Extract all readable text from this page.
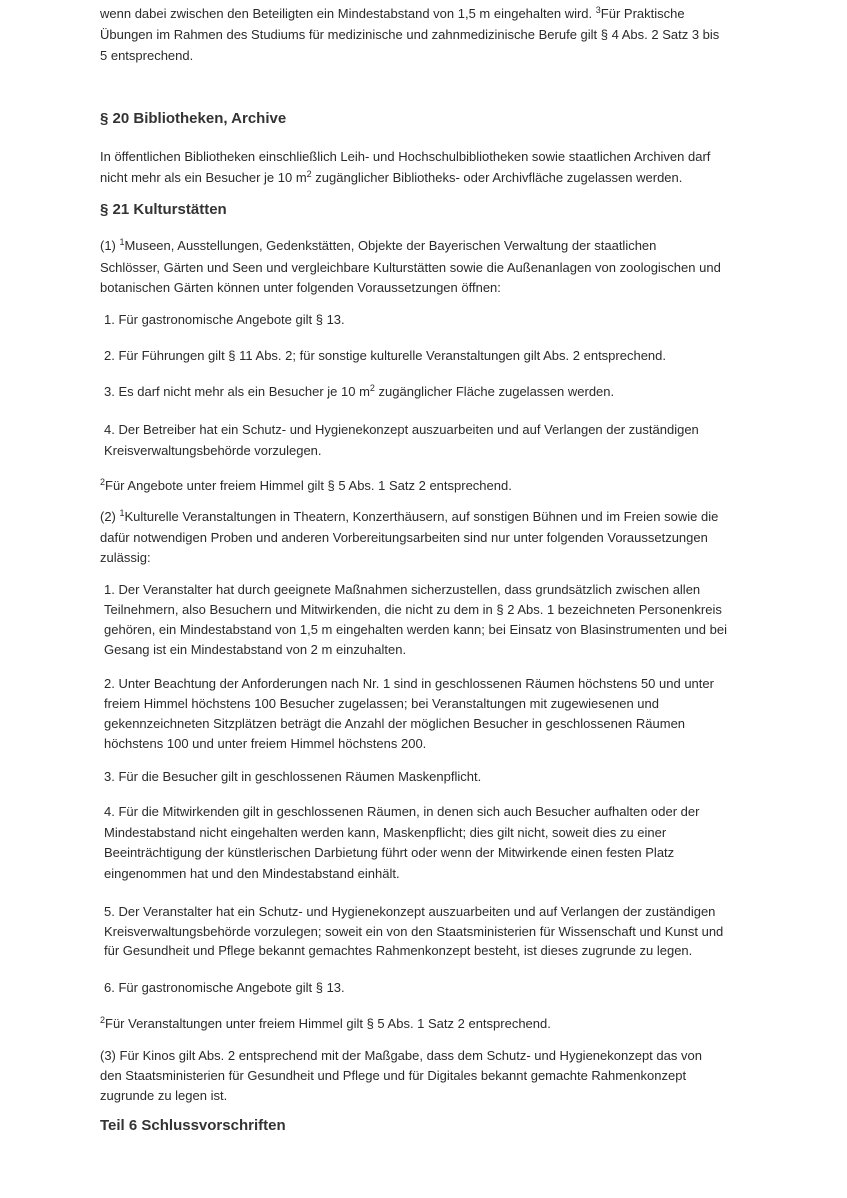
wenn dabei zwischen den Beteiligten ein Mindestabstand von 1,5 m eingehalten wird. $^3$Für Praktische
Übungen im Rahmen des Studiums für medizinische und zahnmedizinische Berufe gilt § 4 Abs. 2 Satz 3 bis
5 entsprechend.
§ 20 Bibliotheken, Archive
In öffentlichen Bibliotheken einschließlich Leih- und Hochschulbibliotheken sowie staatlichen Archiven darf
nicht mehr als ein Besucher je 10 $m^2$ zugänglicher Bibliotheks- oder Archivfläche zugelassen werden.
§ 21 Kulturstätten
(1) $^1$Museen, Ausstellungen, Gedenkstätten, Objekte der Bayerischen Verwaltung der staatlichen
Schlösser, Gärten und Seen und vergleichbare Kulturstätten sowie die Außenanlagen von zoologischen und
botanischen Gärten können unter folgenden Voraussetzungen öffnen:
1. Für gastronomische Angebote gilt § 13.
2. Für Führungen gilt § 11 Abs. 2; für sonstige kulturelle Veranstaltungen gilt Abs. 2 entsprechend.
3. Es darf nicht mehr als ein Besucher je 10 $m^2$ zugänglicher Fläche zugelassen werden.
4. Der Betreiber hat ein Schutz- und Hygienekonzept auszuarbeiten und auf Verlangen der zuständigen
Kreisverwaltungsbehörde vorzulegen.
$^2$Für Angebote unter freiem Himmel gilt § 5 Abs. 1 Satz 2 entsprechend.
(2) $^1$Kulturelle Veranstaltungen in Theatern, Konzerthäusern, auf sonstigen Bühnen und im Freien sowie die
dafür notwendigen Proben und anderen Vorbereitungsarbeiten sind nur unter folgenden Voraussetzungen
zulässig:
1. Der Veranstalter hat durch geeignete Maßnahmen sicherzustellen, dass grundsätzlich zwischen allen
Teilnehmern, also Besuchern und Mitwirkenden, die nicht zu dem in § 2 Abs. 1 bezeichneten Personenkreis
gehören, ein Mindestabstand von 1,5 m eingehalten werden kann; bei Einsatz von Blasinstrumenten und bei
Gesang ist ein Mindestabstand von 2 m einzuhalten.
2. Unter Beachtung der Anforderungen nach Nr. 1 sind in geschlossenen Räumen höchstens 50 und unter
freiem Himmel höchstens 100 Besucher zugelassen; bei Veranstaltungen mit zugewiesenen und
gekennzeichneten Sitzplätzen beträgt die Anzahl der möglichen Besucher in geschlossenen Räumen
höchstens 100 und unter freiem Himmel höchstens 200.
3. Für die Besucher gilt in geschlossenen Räumen Maskenpflicht.
4. Für die Mitwirkenden gilt in geschlossenen Räumen, in denen sich auch Besucher aufhalten oder der
Mindestabstand nicht eingehalten werden kann, Maskenpflicht; dies gilt nicht, soweit dies zu einer
Beeinträchtigung der künstlerischen Darbietung führt oder wenn der Mitwirkende einen festen Platz
eingenommen hat und den Mindestabstand einhält.
5. Der Veranstalter hat ein Schutz- und Hygienekonzept auszuarbeiten und auf Verlangen der zuständigen
Kreisverwaltungsbehörde vorzulegen; soweit ein von den Staatsministerien für Wissenschaft und Kunst und
für Gesundheit und Pflege bekannt gemachtes Rahmenkonzept besteht, ist dieses zugrunde zu legen.
6. Für gastronomische Angebote gilt § 13.
$^2$Für Veranstaltungen unter freiem Himmel gilt § 5 Abs. 1 Satz 2 entsprechend.
(3) Für Kinos gilt Abs. 2 entsprechend mit der Maßgabe, dass dem Schutz- und Hygienekonzept das von
den Staatsministerien für Gesundheit und Pflege und für Digitales bekannt gemachte Rahmenkonzept
zugrunde zu legen ist.
Teil 6 Schlussvorschriften
